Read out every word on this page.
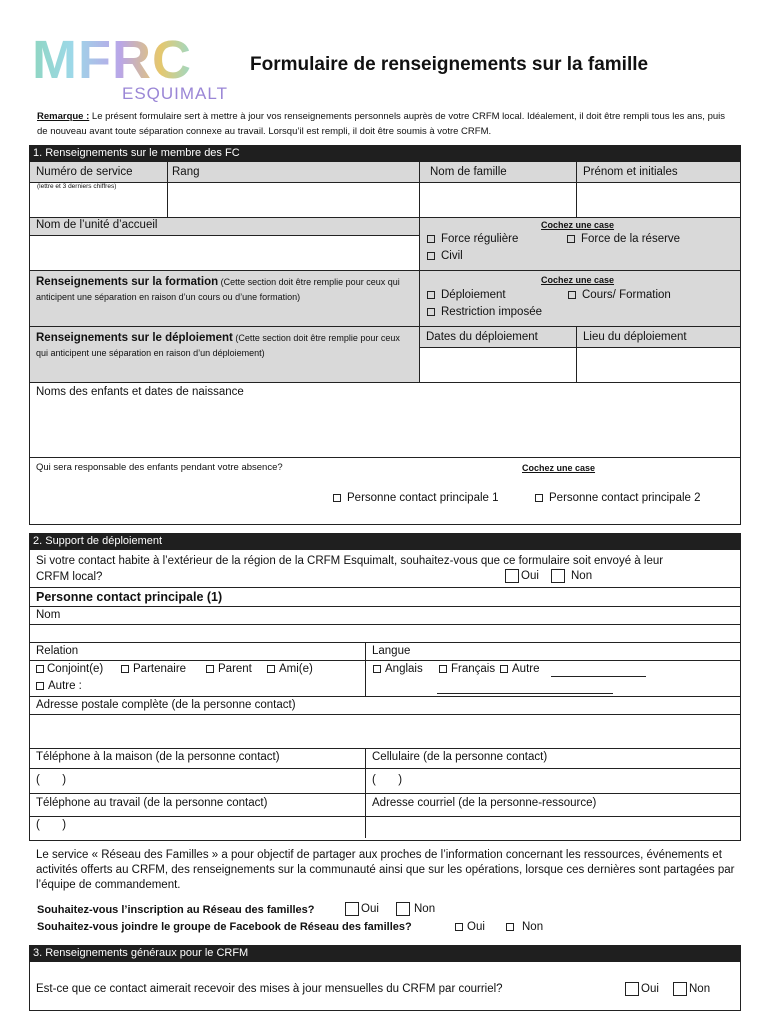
MFRC
ESQUIMALT
Formulaire de renseignements sur la famille
Remarque : Le présent formulaire sert à mettre à jour vos renseignements personnels auprès de votre CRFM local. Idéalement, il doit être rempli tous les ans, puis de nouveau avant toute séparation connexe au travail. Lorsqu’il est rempli, il doit être soumis à votre CRFM.
1. Renseignements sur le membre des FC
Numéro de service
(lettre et 3 derniers chiffres)
Rang	Nom de famille	Prénom et initiales
Nom de l’unité d’accueil	Cochez une case
Force régulière	Force de la réserve
Civil
Renseignements sur la formation (Cette section doit être remplie pour ceux qui anticipent une séparation en raison d’un cours ou d’une formation)
Cochez une case
Déploiement	Cours/ Formation
Restriction imposée
Renseignements sur le déploiement (Cette section doit être remplie pour ceux qui anticipent une séparation en raison d’un déploiement)
Dates du déploiement	Lieu du déploiement
Noms des enfants et dates de naissance
Qui sera responsable des enfants pendant votre absence?	Cochez une case
Personne contact principale 1	Personne contact principale 2
2. Support de déploiement
Si votre contact habite à l’extérieur de la région de la CRFM Esquimalt, souhaitez-vous que ce formulaire soit envoyé à leur
CRFM local?	Oui	Non
Personne contact principale (1)
Nom
Relation	Langue
Conjoint(e)	Partenaire	Parent	Ami(e)
Autre :
Anglais	Français	Autre
Adresse postale complète (de la personne contact)
Téléphone à la maison (de la personne contact)	Cellulaire (de la personne contact)
(       )	(       )
Téléphone au travail (de la personne contact)	Adresse courriel (de la personne-ressource)
(       )
Le service « Réseau des Familles » a pour objectif de partager aux proches de l’information concernant les ressources, événements et activités offerts au CRFM, des renseignements sur la communauté ainsi que sur les opérations, lorsque ces dernières sont partagées par l’équipe de commandement.
Souhaitez-vous l’inscription au Réseau des familles?	Oui	Non
Souhaitez-vous joindre le groupe de Facebook de Réseau des familles?	Oui	Non
3. Renseignements généraux pour le CRFM
Est-ce que ce contact aimerait recevoir des mises à jour mensuelles du CRFM par courriel?	Oui	Non
